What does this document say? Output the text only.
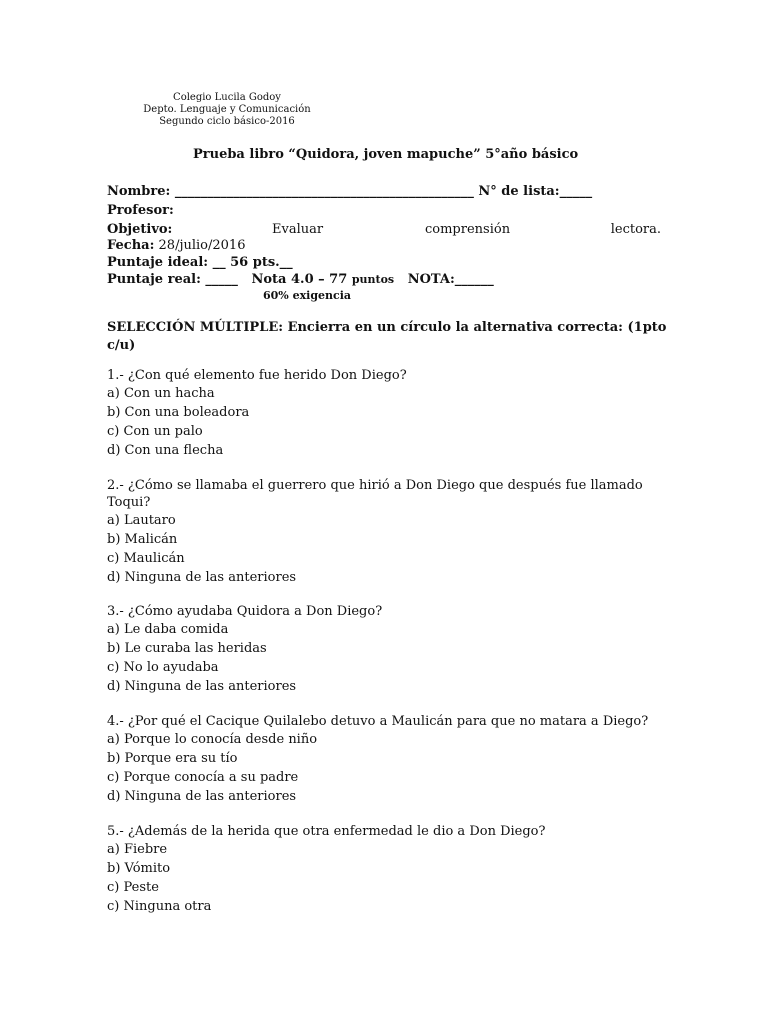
Colegio Lucila Godoy
Depto. Lenguaje y Comunicación
Segundo ciclo básico-2016
Prueba libro “Quidora, joven mapuche” 5°año básico
Nombre: ______________________________________________ N° de lista:_____
Profesor:
Objetivo:	Evaluar	comprensión	lectora.
Fecha: 28/julio/2016
Puntaje ideal: __ 56 pts.__
Puntaje real: _____ Nota 4.0 – 77 puntos NOTA:______
60% exigencia
SELECCIÓN MÚLTIPLE: Encierra en un círculo la alternativa correcta: (1pto
c/u)
1.- ¿Con qué elemento fue herido Don Diego?
a) Con un hacha
b) Con una boleadora
c) Con un palo
d) Con una flecha
2.- ¿Cómo se llamaba el guerrero que hirió a Don Diego que después fue llamado Toqui?
a) Lautaro
b) Malicán
c) Maulicán
d) Ninguna de las anteriores
3.- ¿Cómo ayudaba Quidora a Don Diego?
a) Le daba comida
b) Le curaba las heridas
c) No lo ayudaba
d) Ninguna de las anteriores
4.- ¿Por qué el Cacique Quilalebo detuvo a Maulicán para que no matara a Diego?
a) Porque lo conocía desde niño
b) Porque era su tío
c) Porque conocía a su padre
d) Ninguna de las anteriores
5.- ¿Además de la herida que otra enfermedad le dio a Don Diego?
a) Fiebre
b) Vómito
c) Peste
c) Ninguna otra
